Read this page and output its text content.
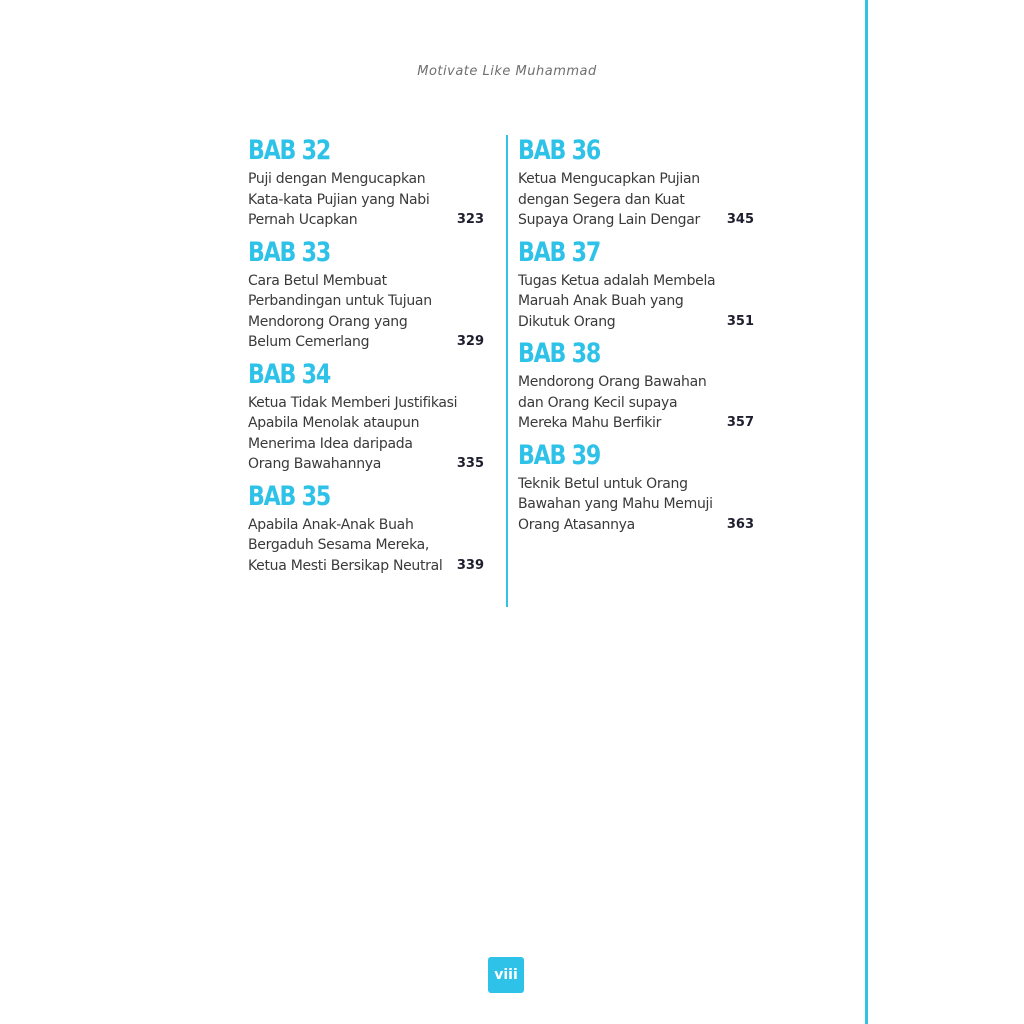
Motivate Like Muhammad
BAB 32
Puji dengan Mengucapkan
Kata-kata Pujian yang Nabi
Pernah Ucapkan	323
BAB 33
Cara Betul Membuat
Perbandingan untuk Tujuan
Mendorong Orang yang
Belum Cemerlang	329
BAB 34
Ketua Tidak Memberi Justifikasi
Apabila Menolak ataupun
Menerima Idea daripada
Orang Bawahannya	335
BAB 35
Apabila Anak-Anak Buah
Bergaduh Sesama Mereka,
Ketua Mesti Bersikap Neutral	339
BAB 36
Ketua Mengucapkan Pujian
dengan Segera dan Kuat
Supaya Orang Lain Dengar	345
BAB 37
Tugas Ketua adalah Membela
Maruah Anak Buah yang
Dikutuk Orang	351
BAB 38
Mendorong Orang Bawahan
dan Orang Kecil supaya
Mereka Mahu Berfikir	357
BAB 39
Teknik Betul untuk Orang
Bawahan yang Mahu Memuji
Orang Atasannya	363
viii
